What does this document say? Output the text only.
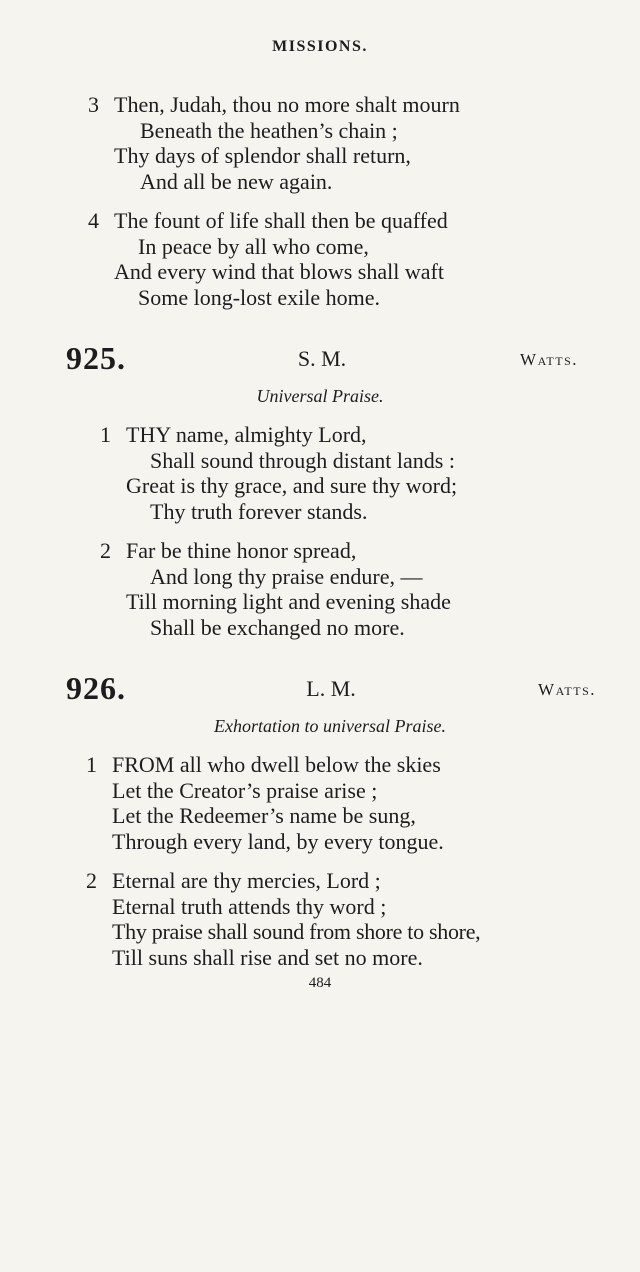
MISSIONS.
3 Then, Judah, thou no more shalt mourn
Beneath the heathen’s chain ;
Thy days of splendor shall return,
And all be new again.
4 The fount of life shall then be quaffed
In peace by all who come,
And every wind that blows shall waft
Some long-lost exile home.
925.	S. M.	Watts.
Universal Praise.
1 THY name, almighty Lord,
Shall sound through distant lands :
Great is thy grace, and sure thy word;
Thy truth forever stands.
2 Far be thine honor spread,
And long thy praise endure, —
Till morning light and evening shade
Shall be exchanged no more.
926.	L. M.	Watts.
Exhortation to universal Praise.
1 FROM all who dwell below the skies
Let the Creator’s praise arise ;
Let the Redeemer’s name be sung,
Through every land, by every tongue.
2 Eternal are thy mercies, Lord ;
Eternal truth attends thy word ;
Thy praise shall sound from shore to shore,
Till suns shall rise and set no more.
484
